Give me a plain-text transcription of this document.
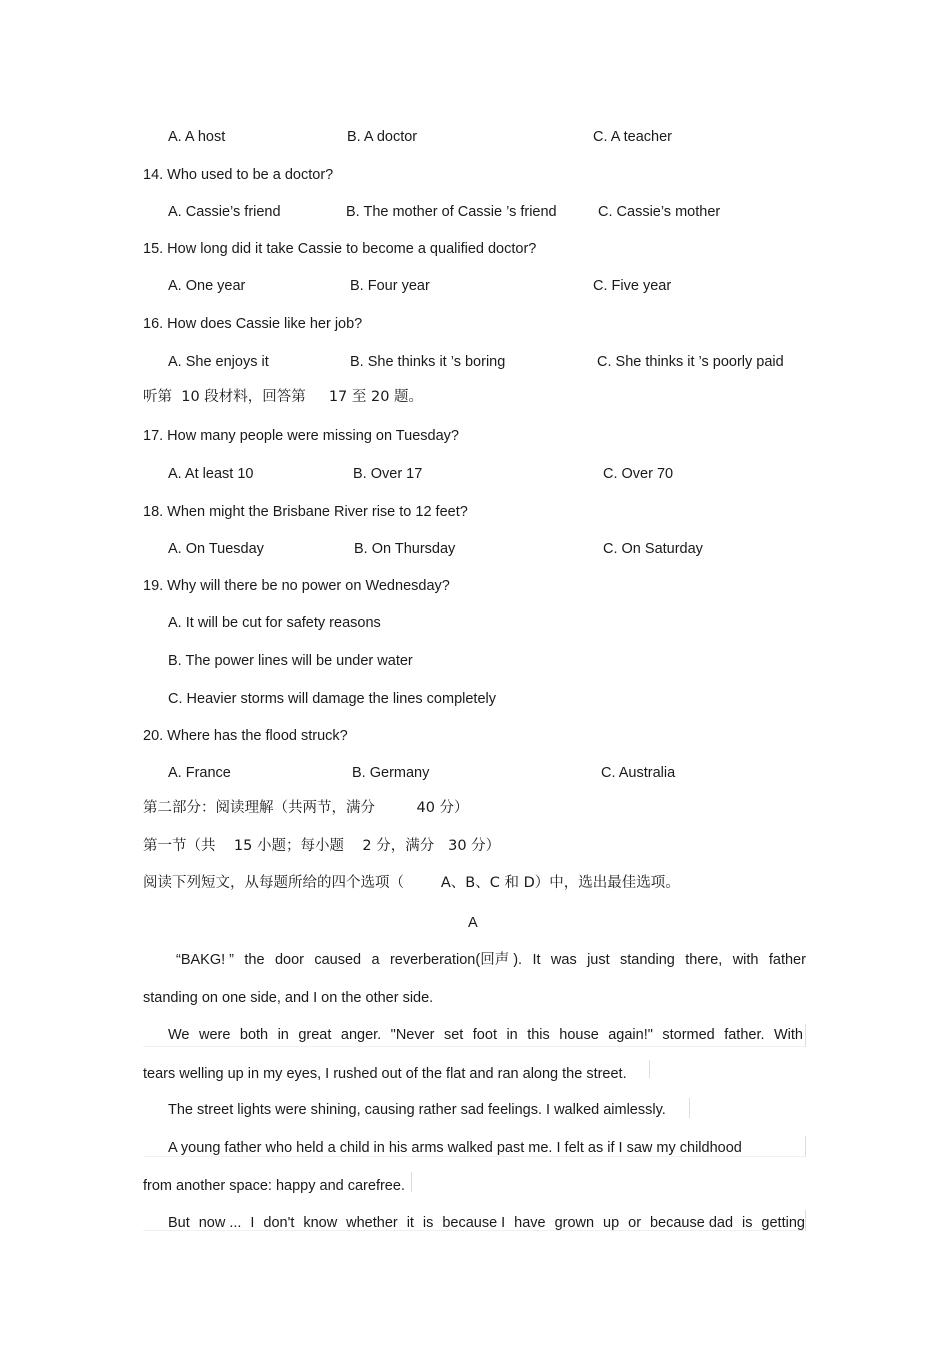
A. A host	B. A doctor	C. A teacher
14. Who used to be a doctor?
A. Cassie’s friend	B. The mother of Cassie ’s friend	C. Cassie’s mother
15. How long did it take Cassie to become a qualified doctor?
A. One year	B. Four year	C. Five year
16. How does Cassie like her job?
A. She enjoys it	B. She thinks it ’s boring	C. She thinks it ’s poorly paid
听第  10 段材料，回答第     17 至 20 题。
17. How many people were missing on Tuesday?
A. At least 10	B. Over 17	C. Over 70
18. When might the Brisbane River rise to 12 feet?
A. On Tuesday	B. On Thursday	C. On Saturday
19. Why will there be no power on Wednesday?
A. It will be cut for safety reasons
B. The power lines will be under water
C. Heavier storms will damage the lines completely
20. Where has the flood struck?
A. France	B. Germany	C. Australia
第二部分：阅读理解（共两节，满分         40 分）
第一节（共    15 小题；每小题    2 分，满分   30 分）
阅读下列短文，从每题所给的四个选项（        A、B、C 和 D）中，选出最佳选项。
A
“BAKG! ” the door caused a reverberation(回声 ). It was just standing there, with father
standing on one side, and I on the other side.
We were both in great anger. "Never set foot in this house again!" stormed father. With
tears welling up in my eyes, I rushed out of the flat and ran along the street.
The street lights were shining, causing rather sad feelings. I walked aimlessly.
A young father who held a child in his arms walked past me. I felt as if I saw my childhood
from another space: happy and carefree.
But now ... I don't know whether it is because I have grown up or because dad is getting
